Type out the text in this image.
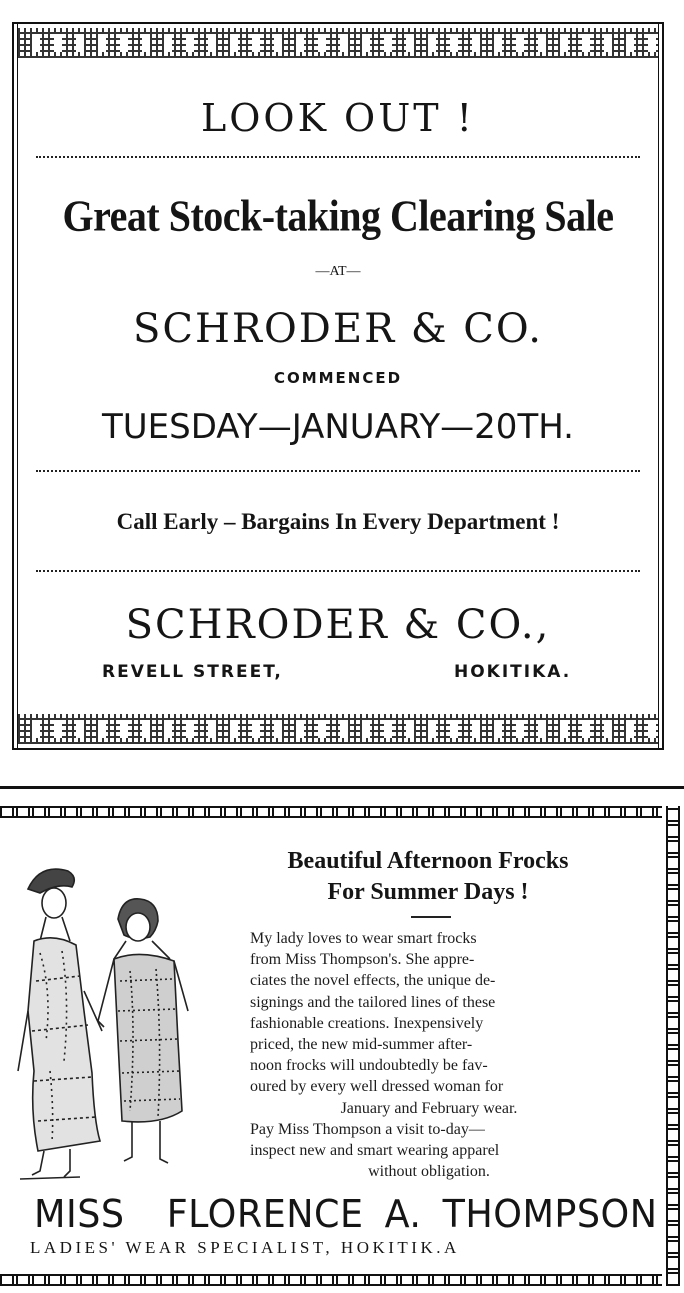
LOOK OUT !
Great Stock-taking Clearing Sale
—AT—
SCHRODER & CO.
COMMENCED
TUESDAY—JANUARY—20TH.
Call Early – Bargains In Every Department !
SCHRODER & CO.,
REVELL STREET,	HOKITIKA.
Beautiful Afternoon Frocks
For Summer Days !

My lady loves to wear smart frocks

from Miss Thompson's. She appre-

ciates the novel effects, the unique de-

signings and the tailored lines of these

fashionable creations. Inexpensively

priced, the new mid-summer after-

noon frocks will undoubtedly be fav-

oured by every well dressed woman for

January and February wear.

Pay Miss Thompson a visit to-day—

inspect new and smart wearing apparel

without obligation.

MISS FLORENCE A. THOMPSON
LADIES' WEAR SPECIALIST, HOKITIK.A
